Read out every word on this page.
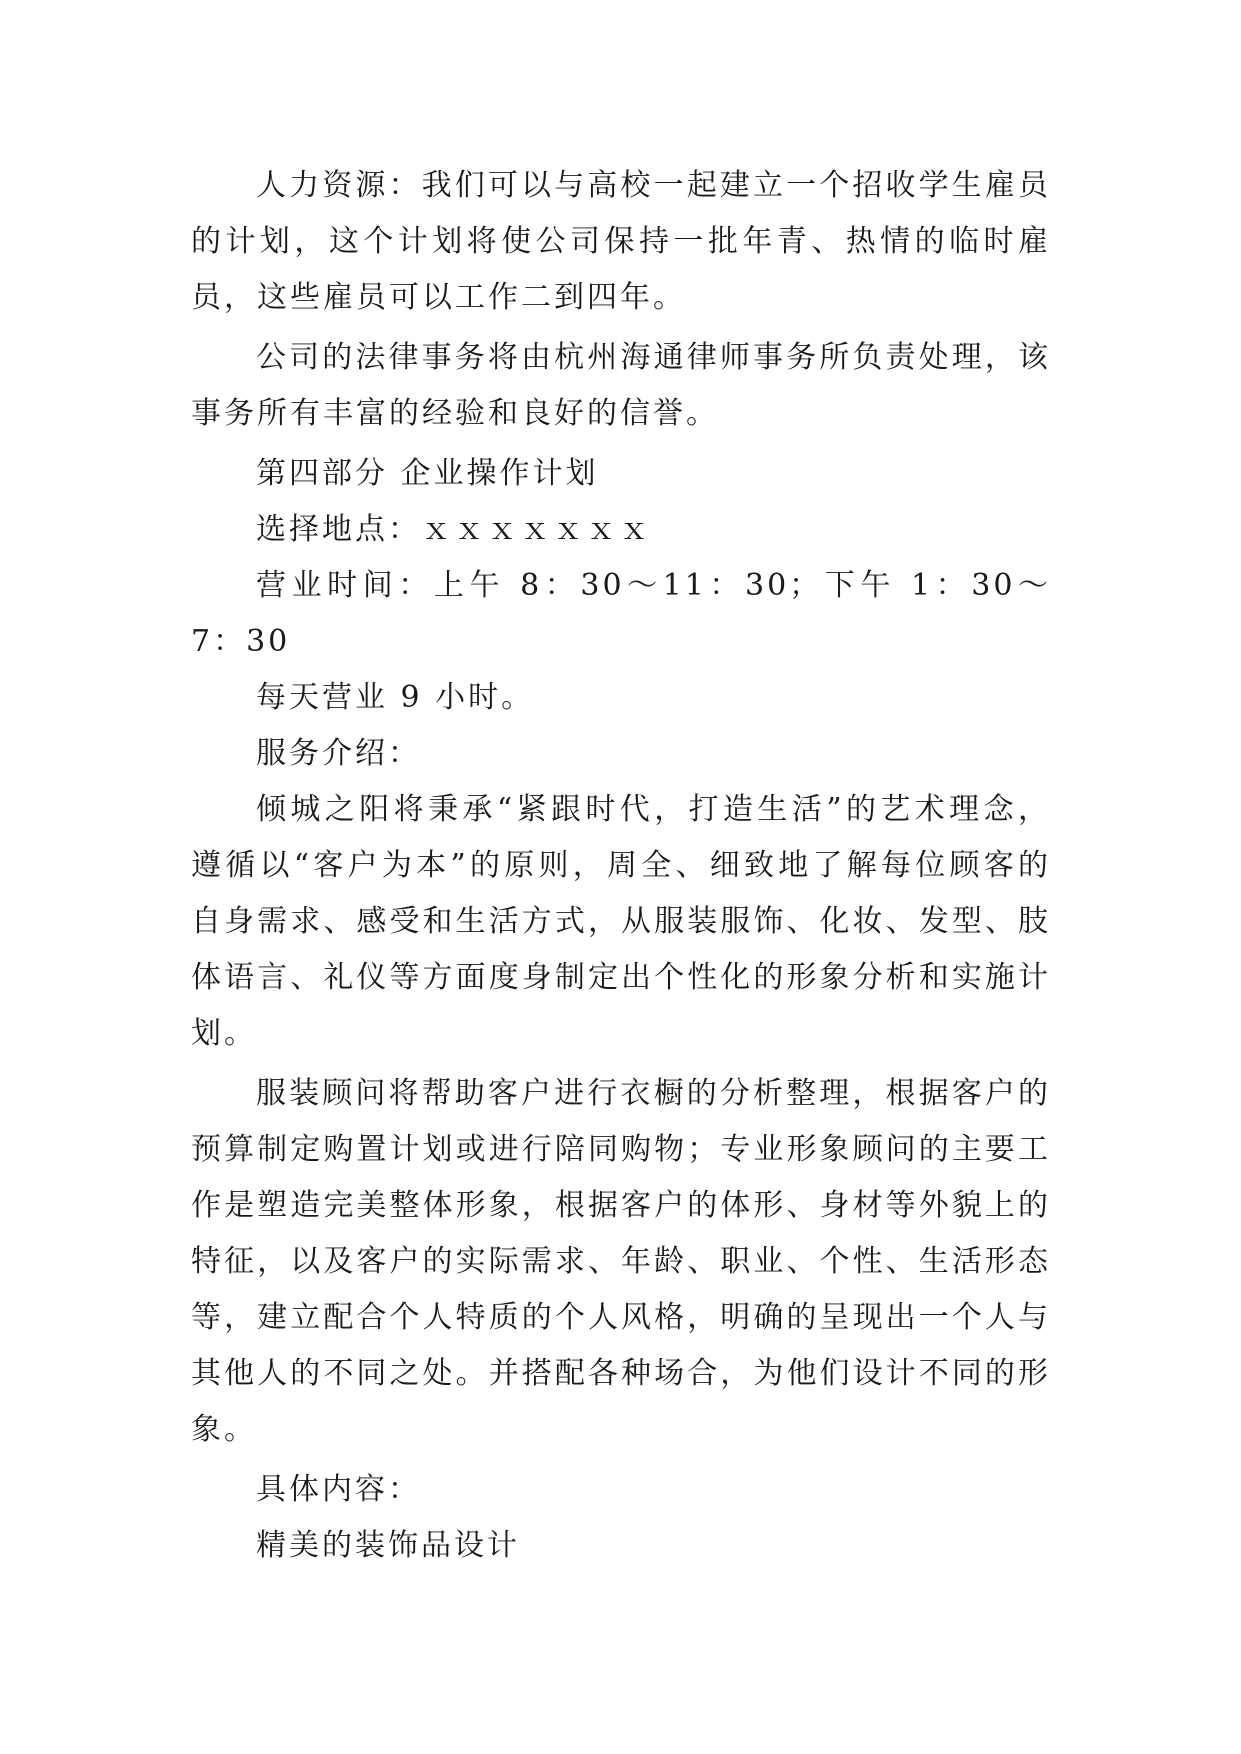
人力资源：我们可以与高校一起建立一个招收学生雇员的计划，这个计划将使公司保持一批年青、热情的临时雇员，这些雇员可以工作二到四年。

公司的法律事务将由杭州海通律师事务所负责处理，该事务所有丰富的经验和良好的信誉。

第四部分 企业操作计划

选择地点：ｘｘｘｘｘｘｘ

营业时间：上午 8：30～11：30；下午 1：30～7：30

每天营业 9 小时。

服务介绍：

倾城之阳将秉承“紧跟时代，打造生活”的艺术理念，遵循以“客户为本”的原则，周全、细致地了解每位顾客的自身需求、感受和生活方式，从服装服饰、化妆、发型、肢体语言、礼仪等方面度身制定出个性化的形象分析和实施计划。

服装顾问将帮助客户进行衣橱的分析整理，根据客户的预算制定购置计划或进行陪同购物；专业形象顾问的主要工作是塑造完美整体形象，根据客户的体形、身材等外貌上的特征，以及客户的实际需求、年龄、职业、个性、生活形态等，建立配合个人特质的个人风格，明确的呈现出一个人与其他人的不同之处。并搭配各种场合，为他们设计不同的形象。

具体内容：

精美的装饰品设计
